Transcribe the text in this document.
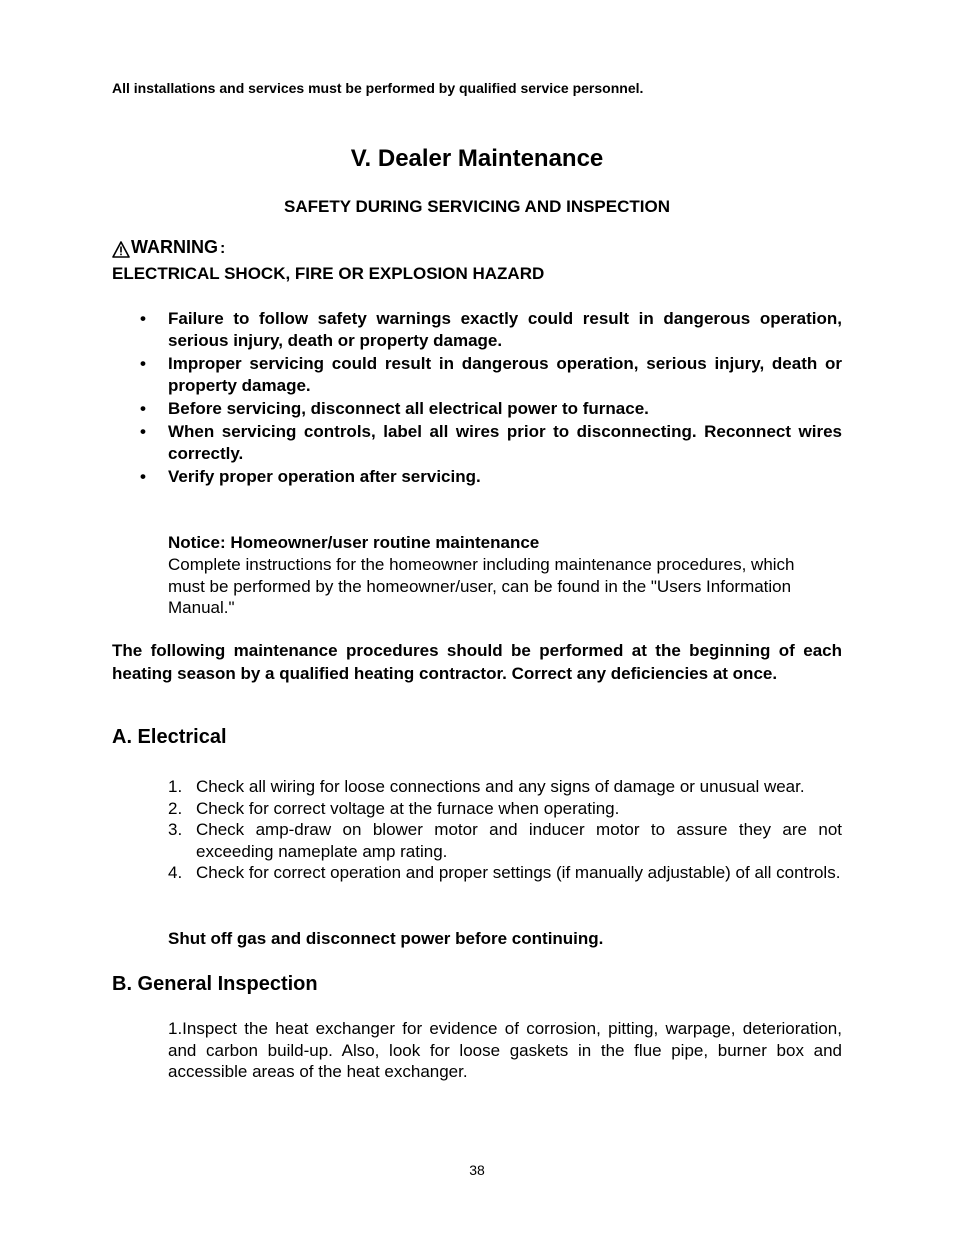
All installations and services must be performed by qualified service personnel.
V. Dealer Maintenance
SAFETY DURING SERVICING AND INSPECTION
WARNING :
ELECTRICAL SHOCK, FIRE OR EXPLOSION HAZARD
• Failure to follow safety warnings exactly could result in dangerous operation, serious injury, death or property damage.
• Improper servicing could result in dangerous operation, serious injury, death or property damage.
• Before servicing, disconnect all electrical power to furnace.
• When servicing controls, label all wires prior to disconnecting. Reconnect wires correctly.
• Verify proper operation after servicing.
Notice: Homeowner/user routine maintenance
Complete instructions for the homeowner including maintenance procedures, which must be performed by the homeowner/user, can be found in the "Users Information Manual."
The following maintenance procedures should be performed at the beginning of each heating season by a qualified heating contractor. Correct any deficiencies at once.
A. Electrical
1. Check all wiring for loose connections and any signs of damage or unusual wear.
2. Check for correct voltage at the furnace when operating.
3. Check amp-draw on blower motor and inducer motor to assure they are not exceeding nameplate amp rating.
4. Check for correct operation and proper settings (if manually adjustable) of all controls.
Shut off gas and disconnect power before continuing.
B. General Inspection
1.Inspect the heat exchanger for evidence of corrosion, pitting, warpage, deterioration, and carbon build-up. Also, look for loose gaskets in the flue pipe, burner box and accessible areas of the heat exchanger.
38
